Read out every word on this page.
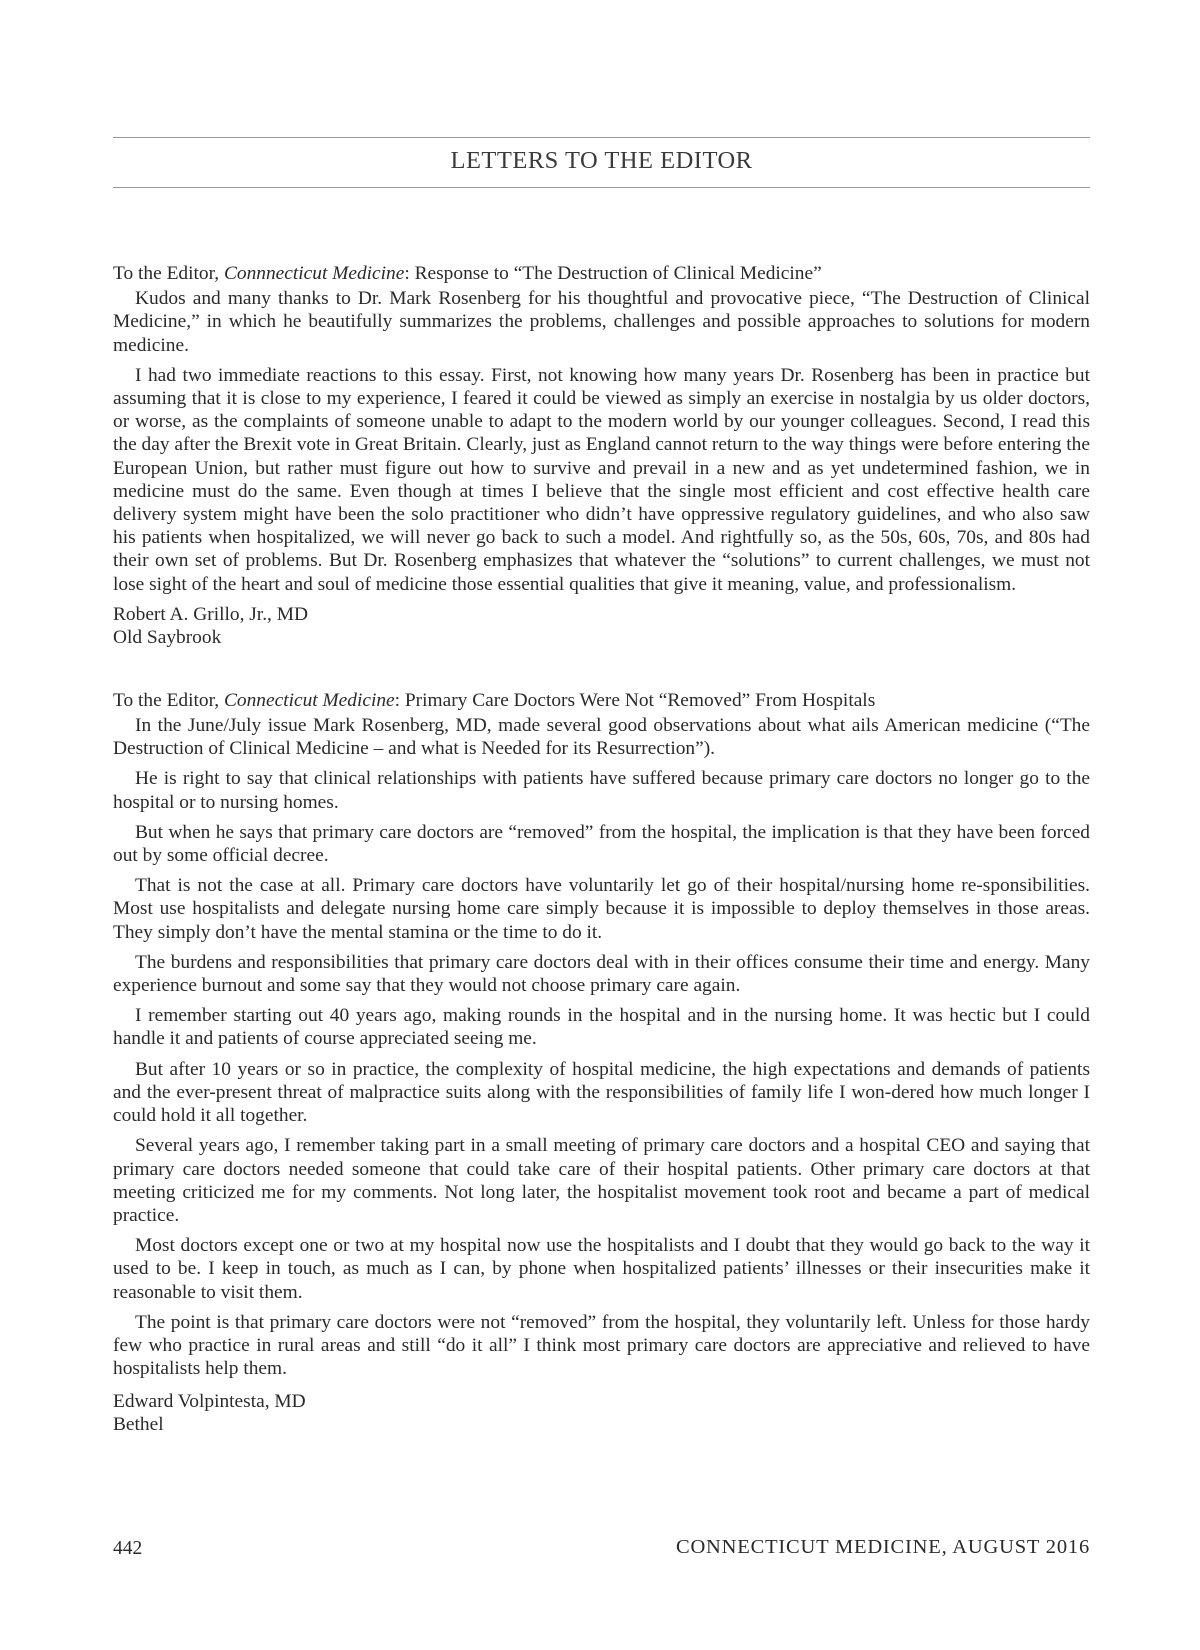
LETTERS TO THE EDITOR

To the Editor, Connnecticut Medicine: Response to “The Destruction of Clinical Medicine”

Kudos and many thanks to Dr. Mark Rosenberg for his thoughtful and provocative piece, “The Destruction of Clinical Medicine,” in which he beautifully summarizes the problems, challenges and possible approaches to solutions for modern medicine.

I had two immediate reactions to this essay. First, not knowing how many years Dr. Rosenberg has been in practice but assuming that it is close to my experience, I feared it could be viewed as simply an exercise in nostalgia by us older doctors, or worse, as the complaints of someone unable to adapt to the modern world by our younger colleagues. Second, I read this the day after the Brexit vote in Great Britain. Clearly, just as England cannot return to the way things were before entering the European Union, but rather must figure out how to survive and prevail in a new and as yet undetermined fashion, we in medicine must do the same. Even though at times I believe that the single most efficient and cost effective health care delivery system might have been the solo practitioner who didn’t have oppressive regulatory guidelines, and who also saw his patients when hospitalized, we will never go back to such a model. And rightfully so, as the 50s, 60s, 70s, and 80s had their own set of problems. But Dr. Rosenberg emphasizes that whatever the “solutions” to current challenges, we must not lose sight of the heart and soul of medicine those essential qualities that give it meaning, value, and professionalism.

Robert A. Grillo, Jr., MD

Old Saybrook

To the Editor, Connecticut Medicine: Primary Care Doctors Were Not “Removed” From Hospitals

In the June/July issue Mark Rosenberg, MD, made several good observations about what ails American medicine (“The Destruction of Clinical Medicine – and what is Needed for its Resurrection”).

He is right to say that clinical relationships with patients have suffered because primary care doctors no longer go to the hospital or to nursing homes.

But when he says that primary care doctors are “removed” from the hospital, the implication is that they have been forced out by some official decree.

That is not the case at all. Primary care doctors have voluntarily let go of their hospital/nursing home re-sponsibilities. Most use hospitalists and delegate nursing home care simply because it is impossible to deploy themselves in those areas. They simply don’t have the mental stamina or the time to do it.

The burdens and responsibilities that primary care doctors deal with in their offices consume their time and energy. Many experience burnout and some say that they would not choose primary care again.

I remember starting out 40 years ago, making rounds in the hospital and in the nursing home. It was hectic but I could handle it and patients of course appreciated seeing me.

But after 10 years or so in practice, the complexity of hospital medicine, the high expectations and demands of patients and the ever-present threat of malpractice suits along with the responsibilities of family life I won-dered how much longer I could hold it all together.

Several years ago, I remember taking part in a small meeting of primary care doctors and a hospital CEO and saying that primary care doctors needed someone that could take care of their hospital patients. Other primary care doctors at that meeting criticized me for my comments. Not long later, the hospitalist movement took root and became a part of medical practice.

Most doctors except one or two at my hospital now use the hospitalists and I doubt that they would go back to the way it used to be. I keep in touch, as much as I can, by phone when hospitalized patients’ illnesses or their insecurities make it reasonable to visit them.

The point is that primary care doctors were not “removed” from the hospital, they voluntarily left. Unless for those hardy few who practice in rural areas and still “do it all” I think most primary care doctors are appreciative and relieved to have hospitalists help them.

Edward Volpintesta, MD

Bethel

442	CONNECTICUT MEDICINE, AUGUST 2016
